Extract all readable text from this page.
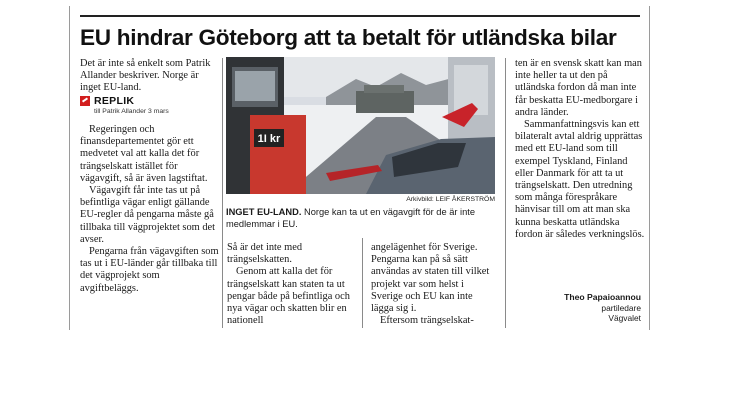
EU hindrar Göteborg att ta betalt för utländska bilar

Det är inte så enkelt som Patrik Allander beskriver. Norge är inget EU-land.

REPLIK
till Patrik Allander 3 mars

Regeringen och finansdepartementet gör ett medvetet val att kalla det för trängselskatt istället för vägavgift, så är även lagstiftat.

Vägavgift får inte tas ut på befintliga vägar enligt gällande EU-regler då pengarna måste gå tillbaka till vägprojektet som det avser.

Pengarna från vägavgiften som tas ut i EU-länder går tillbaka till det vägprojekt som avgiftbeläggs.

1I kr
Arkivbild: LEIF ÅKERSTRÖM
INGET EU-LAND. Norge kan ta ut en vägavgift för de är inte medlemmar i EU.

Så är det inte med trängselskatten.

Genom att kalla det för trängselskatt kan staten ta ut pengar både på befintliga och nya vägar och skatten blir en nationell

angelägenhet för Sverige. Pengarna kan på så sätt användas av staten till vilket projekt var som helst i Sverige och EU kan inte lägga sig i.

Eftersom trängselskat-

ten är en svensk skatt kan man inte heller ta ut den på utländska fordon då man inte får beskatta EU-medborgare i andra länder.

Sammanfattningsvis kan ett bilateralt avtal aldrig upprättas med ett EU-land som till exempel Tyskland, Finland eller Danmark för att ta ut trängselskatt. Den utredning som många förespråkare hänvisar till om att man ska kunna beskatta utländska fordon är således verkningslös.

Theo Papaioannou
partiledare
Vägvalet
